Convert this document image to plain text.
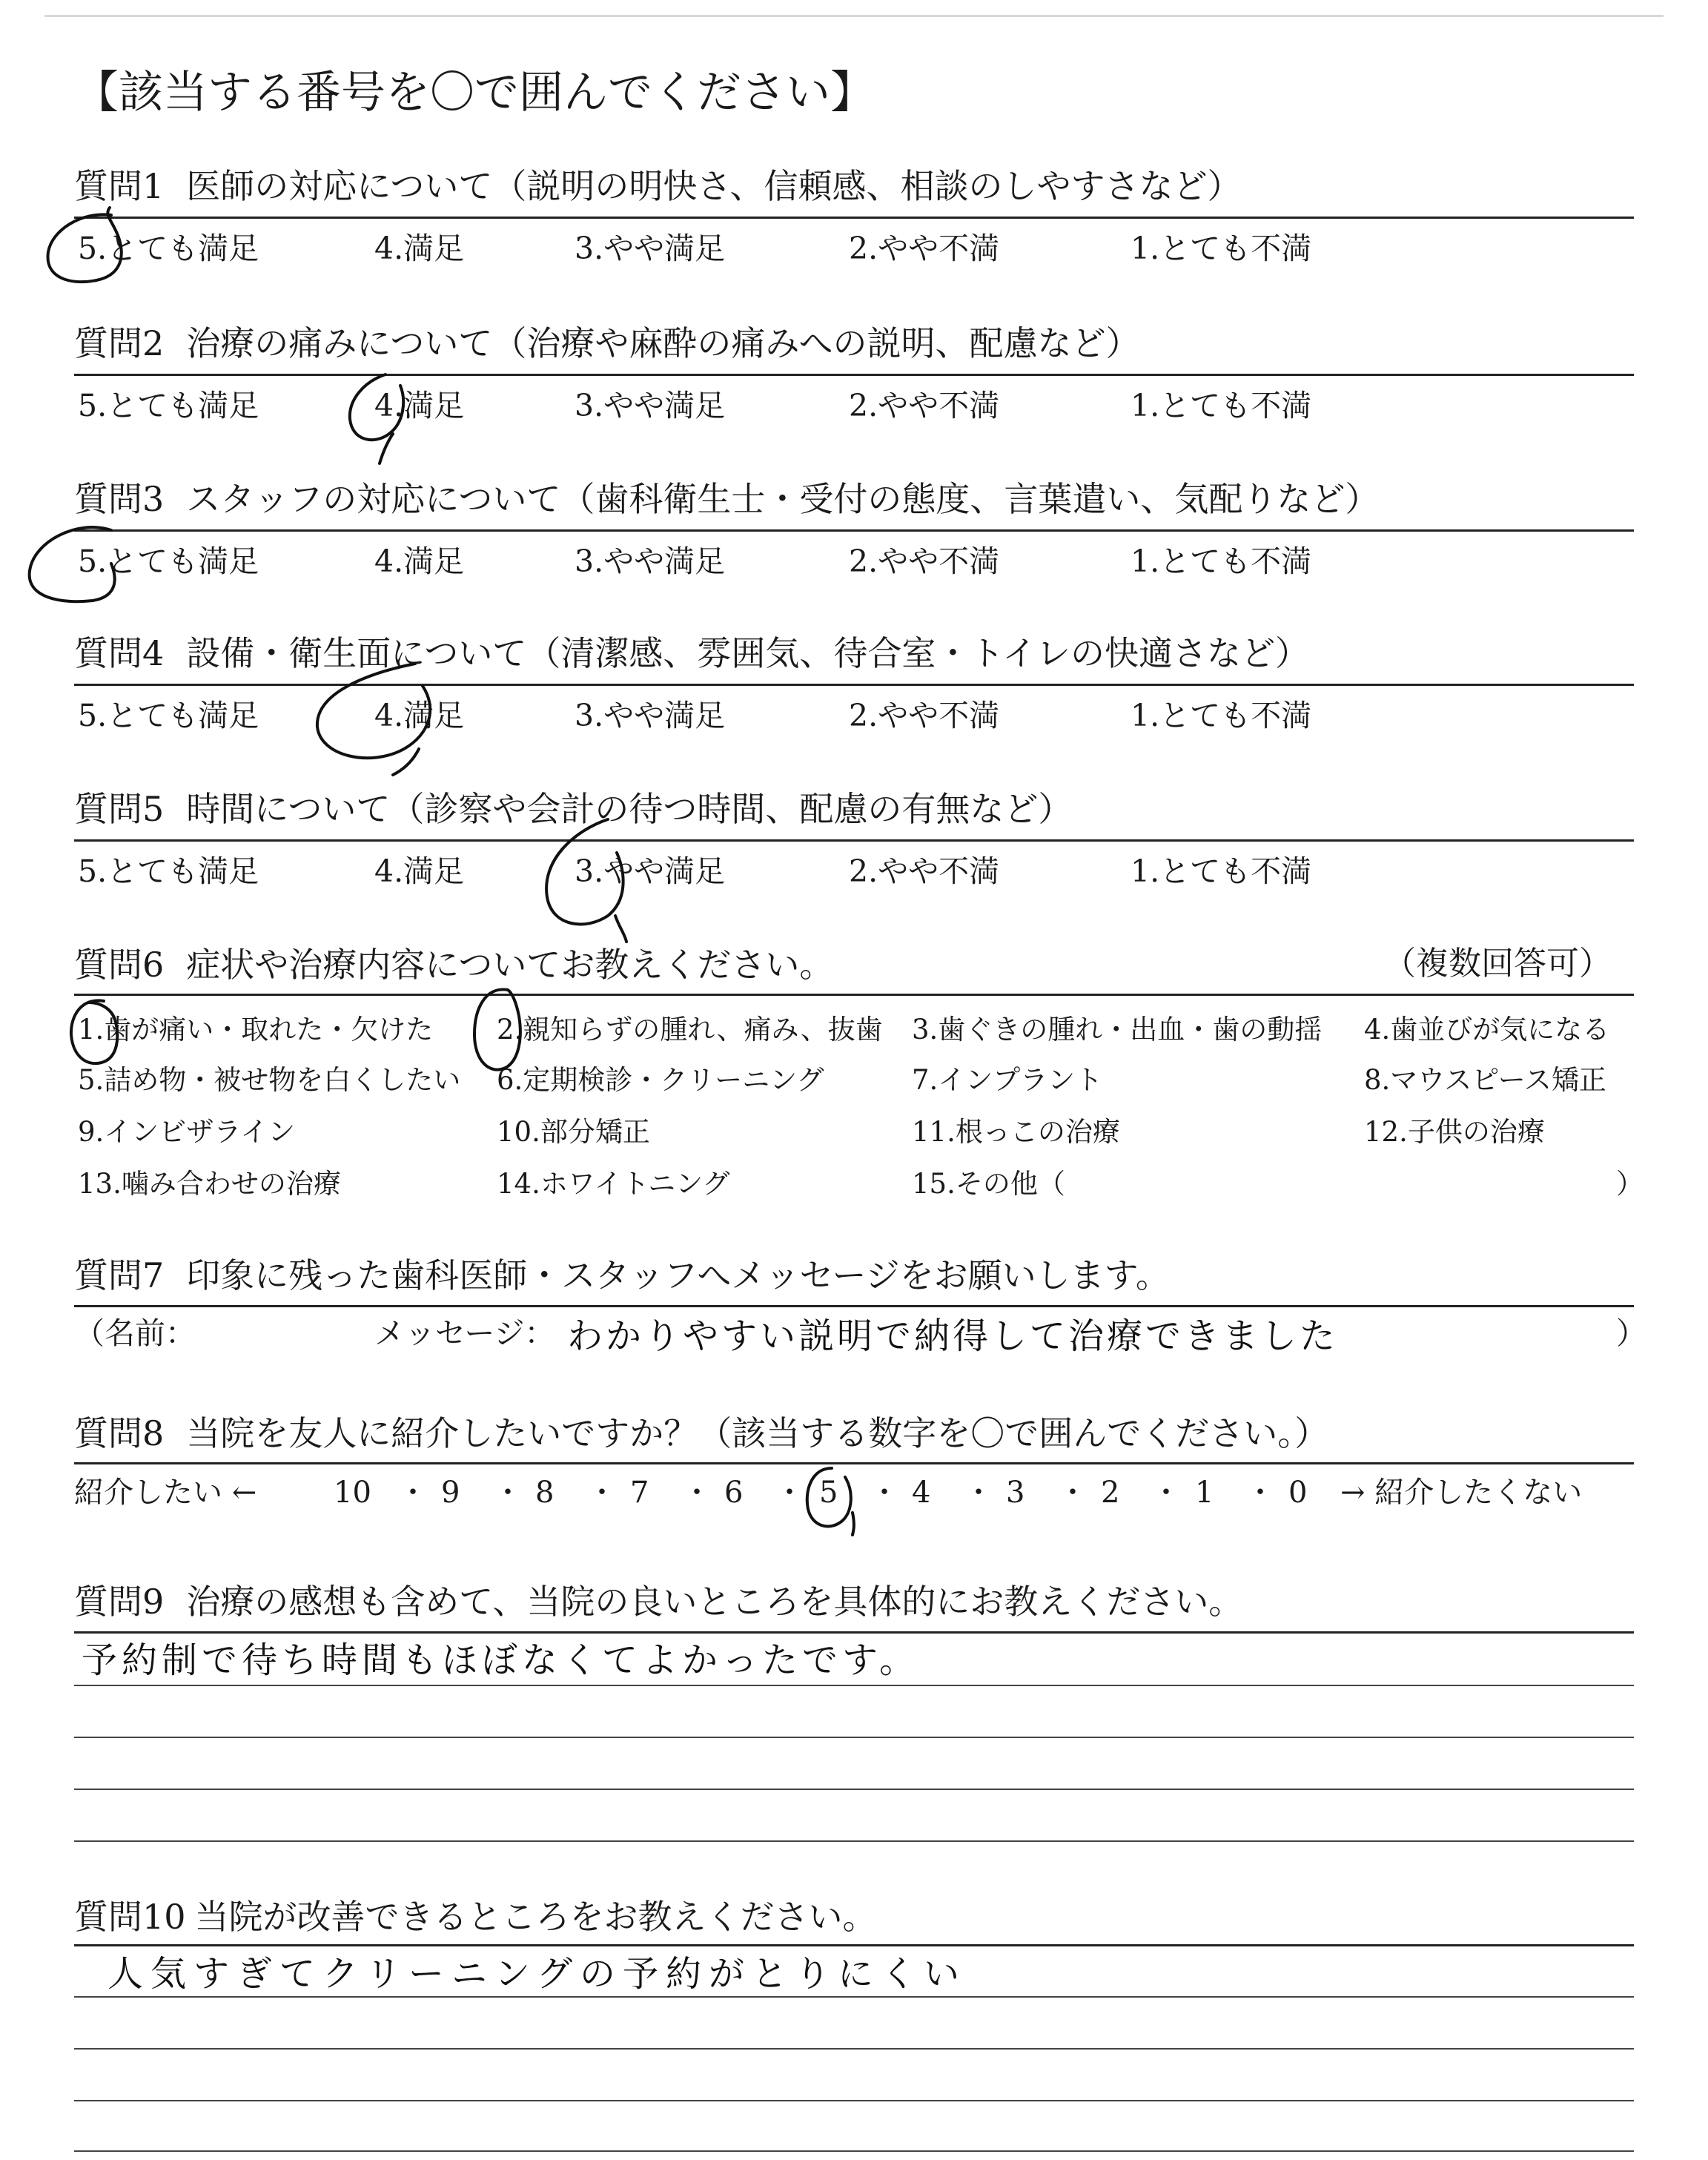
【該当する番号を〇で囲んでください】
質問1 医師の対応について（説明の明快さ、信頼感、相談のしやすさなど）
5.とても満足	4.満足	3.やや満足	2.やや不満	1.とても不満
質問2 治療の痛みについて（治療や麻酔の痛みへの説明、配慮など）
5.とても満足	4.満足	3.やや満足	2.やや不満	1.とても不満
質問3 スタッフの対応について（歯科衛生士・受付の態度、言葉遣い、気配りなど）
5.とても満足	4.満足	3.やや満足	2.やや不満	1.とても不満
質問4 設備・衛生面について（清潔感、雰囲気、待合室・トイレの快適さなど）
5.とても満足	4.満足	3.やや満足	2.やや不満	1.とても不満
質問5 時間について（診察や会計の待つ時間、配慮の有無など）
5.とても満足	4.満足	3.やや満足	2.やや不満	1.とても不満
質問6 症状や治療内容についてお教えください。	（複数回答可）
1.歯が痛い・取れた・欠けた 2.親知らずの腫れ、痛み、抜歯 3.歯ぐきの腫れ・出血・歯の動揺 4.歯並びが気になる
5.詰め物・被せ物を白くしたい 6.定期検診・クリーニング	7.インプラント	8.マウスピース矯正
9.インビザライン	10.部分矯正	11.根っこの治療	12.子供の治療
13.噛み合わせの治療	14.ホワイトニング	15.その他（	）
質問7 印象に残った歯科医師・スタッフへメッセージをお願いします。
（名前：	メッセージ： わかりやすい説明で納得して治療できました	）
質問8 当院を友人に紹介したいですか？（該当する数字を〇で囲んでください。）
紹介したい ←	10 ・ 9 ・ 8 ・ 7 ・ 6 ・ 5 ・ 4 ・ 3 ・ 2 ・ 1 ・ 0 → 紹介したくない
質問9 治療の感想も含めて、当院の良いところを具体的にお教えください。
予約制で待ち時間もほぼなくてよかったです。
質問10 当院が改善できるところをお教えください。
人気すぎてクリーニングの予約がとりにくい
